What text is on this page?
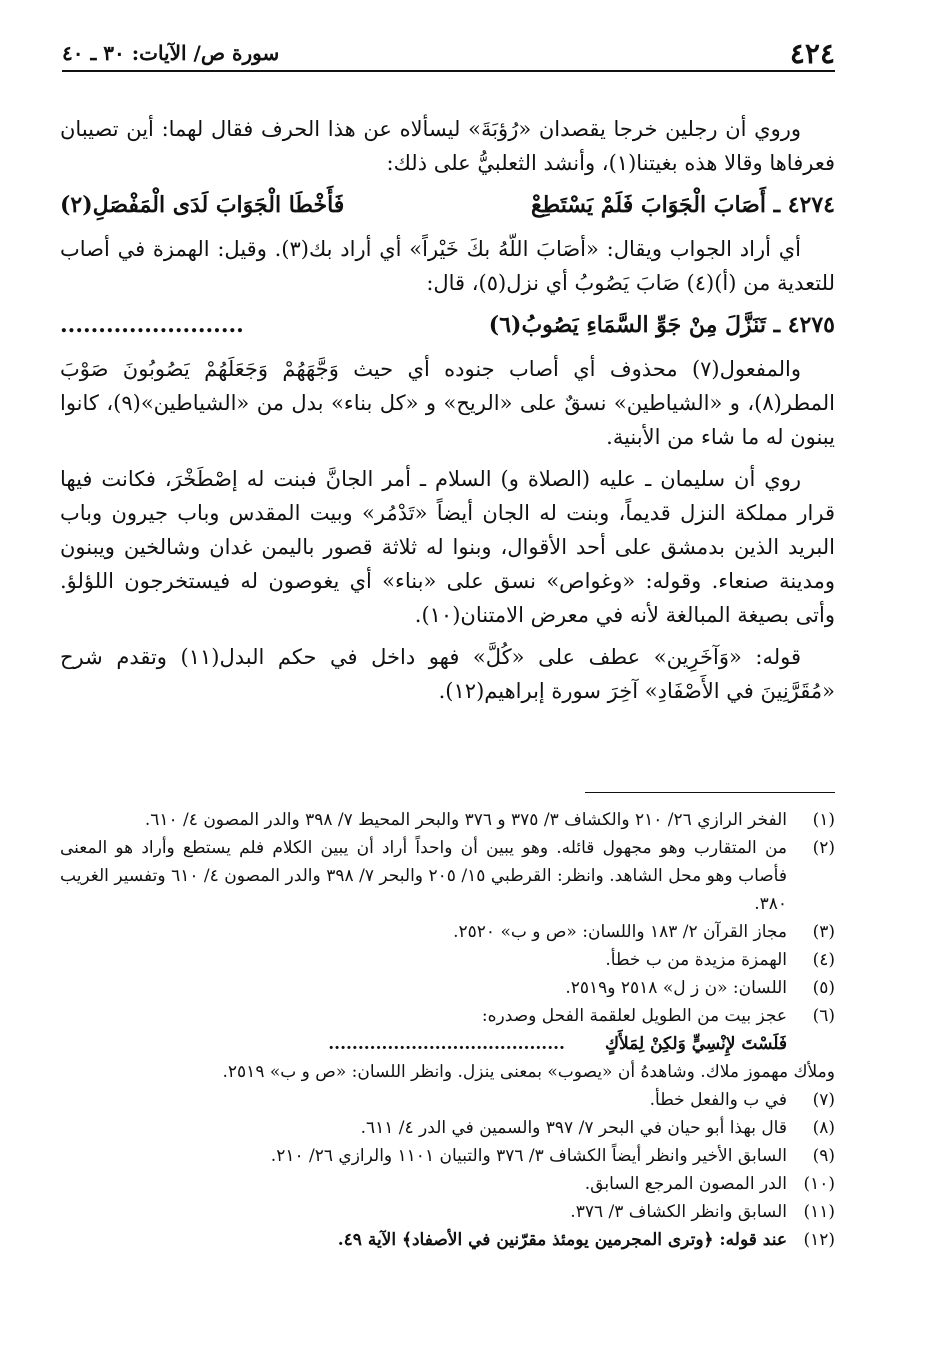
٤٢٤
سورة ص/ الآيات: ٣٠ ـ ٤٠

وروي أن رجلين خرجا يقصدان «رُؤبَةَ» ليسألاه عن هذا الحرف فقال لهما: أين تصيبان فعرفاها وقالا هذه بغيتنا(١)، وأنشد الثعلبيُّ على ذلك:

٤٢٧٤ ـ أَصَابَ الْجَوَابَ فَلَمْ يَسْتَطِعْ
فَأَخْطَا الْجَوَابَ لَدَى الْمَفْصَلِ(٢)

أي أراد الجواب ويقال: «أصَابَ اللّهُ بكَ خَيْراً» أي أراد بك(٣). وقيل: الهمزة في أصاب للتعدية من (أ)(٤) صَابَ يَصُوبُ أي نزل(٥)، قال:

٤٢٧٥ ـ تَنَزَّلَ مِنْ جَوِّ السَّمَاءِ يَصُوبُ(٦)
........................

والمفعول(٧) محذوف أي أصاب جنوده أي حيث وَجَّهَهُمْ وَجَعَلَهُمْ يَصُوبُونَ صَوْبَ المطر(٨)، و «الشياطين» نسقٌ على «الريح» و «كل بناء» بدل من «الشياطين»(٩)، كانوا يبنون له ما شاء من الأبنية.

روي أن سليمان ـ عليه (الصلاة و) السلام ـ أمر الجانَّ فبنت له إصْطَخْرَ، فكانت فيها قرار مملكة النزل قديماً، وبنت له الجان أيضاً «تَدْمُر» وبيت المقدس وباب جيرون وباب البريد الذين بدمشق على أحد الأقوال، وبنوا له ثلاثة قصور باليمن غدان وشالخين ويبنون ومدينة صنعاء. وقوله: «وغواص» نسق على «بناء» أي يغوصون له فيستخرجون اللؤلؤ. وأتى بصيغة المبالغة لأنه في معرض الامتنان(١٠).

قوله: «وَآخَرِين» عطف على «كُلَّ» فهو داخل في حكم البدل(١١) وتقدم شرح «مُقَرَّنِينَ في الأَصْفَادِ» آخِرَ سورة إبراهيم(١٢).

(١)
الفخر الرازي ٢٦/ ٢١٠ والكشاف ٣/ ٣٧٥ و ٣٧٦ والبحر المحيط ٧/ ٣٩٨ والدر المصون ٤/ ٦١٠.
(٢)
من المتقارب وهو مجهول قائله. وهو يبين أن واحداً أراد أن يبين الكلام فلم يستطع وأراد هو المعنى فأصاب وهو محل الشاهد. وانظر: القرطبي ١٥/ ٢٠٥ والبحر ٧/ ٣٩٨ والدر المصون ٤/ ٦١٠ وتفسير الغريب ٣٨٠.
(٣)
مجاز القرآن ٢/ ١٨٣ واللسان: «ص و ب» ٢٥٢٠.
(٤)
الهمزة مزيدة من ب خطأ.
(٥)
اللسان: «ن ز ل» ٢٥١٨ و٢٥١٩.
(٦)
عجز بيت من الطويل لعلقمة الفحل وصدره:
فَلَسْتَ لإِنْسِيٍّ وَلكِنْ لِمَلأَكٍ
........................................
وملأك مهموز ملاك. وشاهدهُ أن «يصوب» بمعنى ينزل. وانظر اللسان: «ص و ب» ٢٥١٩.
(٧)
في ب والفعل خطأ.
(٨)
قال بهذا أبو حيان في البحر ٧/ ٣٩٧ والسمين في الدر ٤/ ٦١١.
(٩)
السابق الأخير وانظر أيضاً الكشاف ٣/ ٣٧٦ والتبيان ١١٠١ والرازي ٢٦/ ٢١٠.
(١٠)
الدر المصون المرجع السابق.
(١١)
السابق وانظر الكشاف ٣/ ٣٧٦.
(١٢)
عند قوله: ﴿وترى المجرمين يومئذ مقرّنين في الأصفاد﴾ الآية ٤٩.
